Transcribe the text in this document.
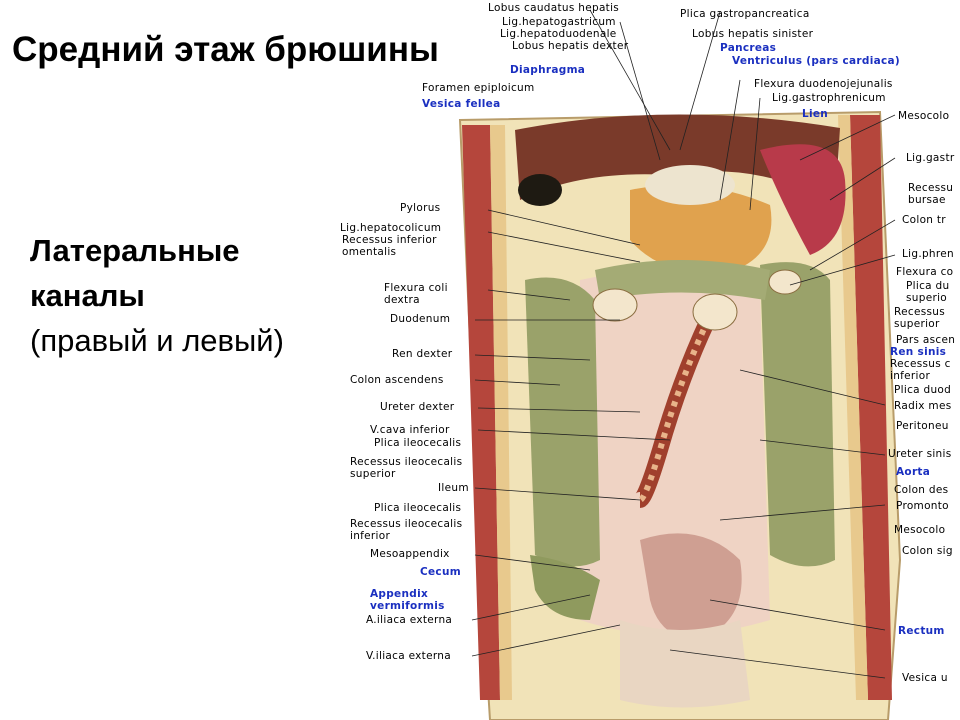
Средний этаж брюшины
Латеральные каналы
(правый и левый)
Lobus caudatus hepatis
Lig.hepatogastricum
Lig.hepatoduodenale
Lobus hepatis dexter
Diaphragma
Foramen epiploicum
Vesica fellea
Plica gastropancreatica
Lobus hepatis sinister
Pancreas
Ventriculus (pars cardiaca)
Flexura duodenojejunalis
Lig.gastrophrenicum
Lien
Pylorus
Lig.hepatocolicum
Recessus inferior
omentalis
Flexura coli
dextra
Duodenum
Ren dexter
Colon ascendens
Ureter dexter
V.cava inferior
Plica ileocecalis
Recessus ileocecalis
superior
Ileum
Plica ileocecalis
Recessus ileocecalis
inferior
Mesoappendix
Cecum
Appendix
vermiformis
A.iliaca externa
V.iliaca externa
Mesocolo
Lig.gastr
Recessu
bursae
Colon tr
Lig.phren
Flexura co
Plica du
superio
Recessus
superior
Pars ascen
Ren sinis
Recessus c
inferior
Plica duod
Radix mes
Peritoneu
Ureter sinis
Aorta
Colon des
Promonto
Mesocolo
Colon sig
Rectum
Vesica u
